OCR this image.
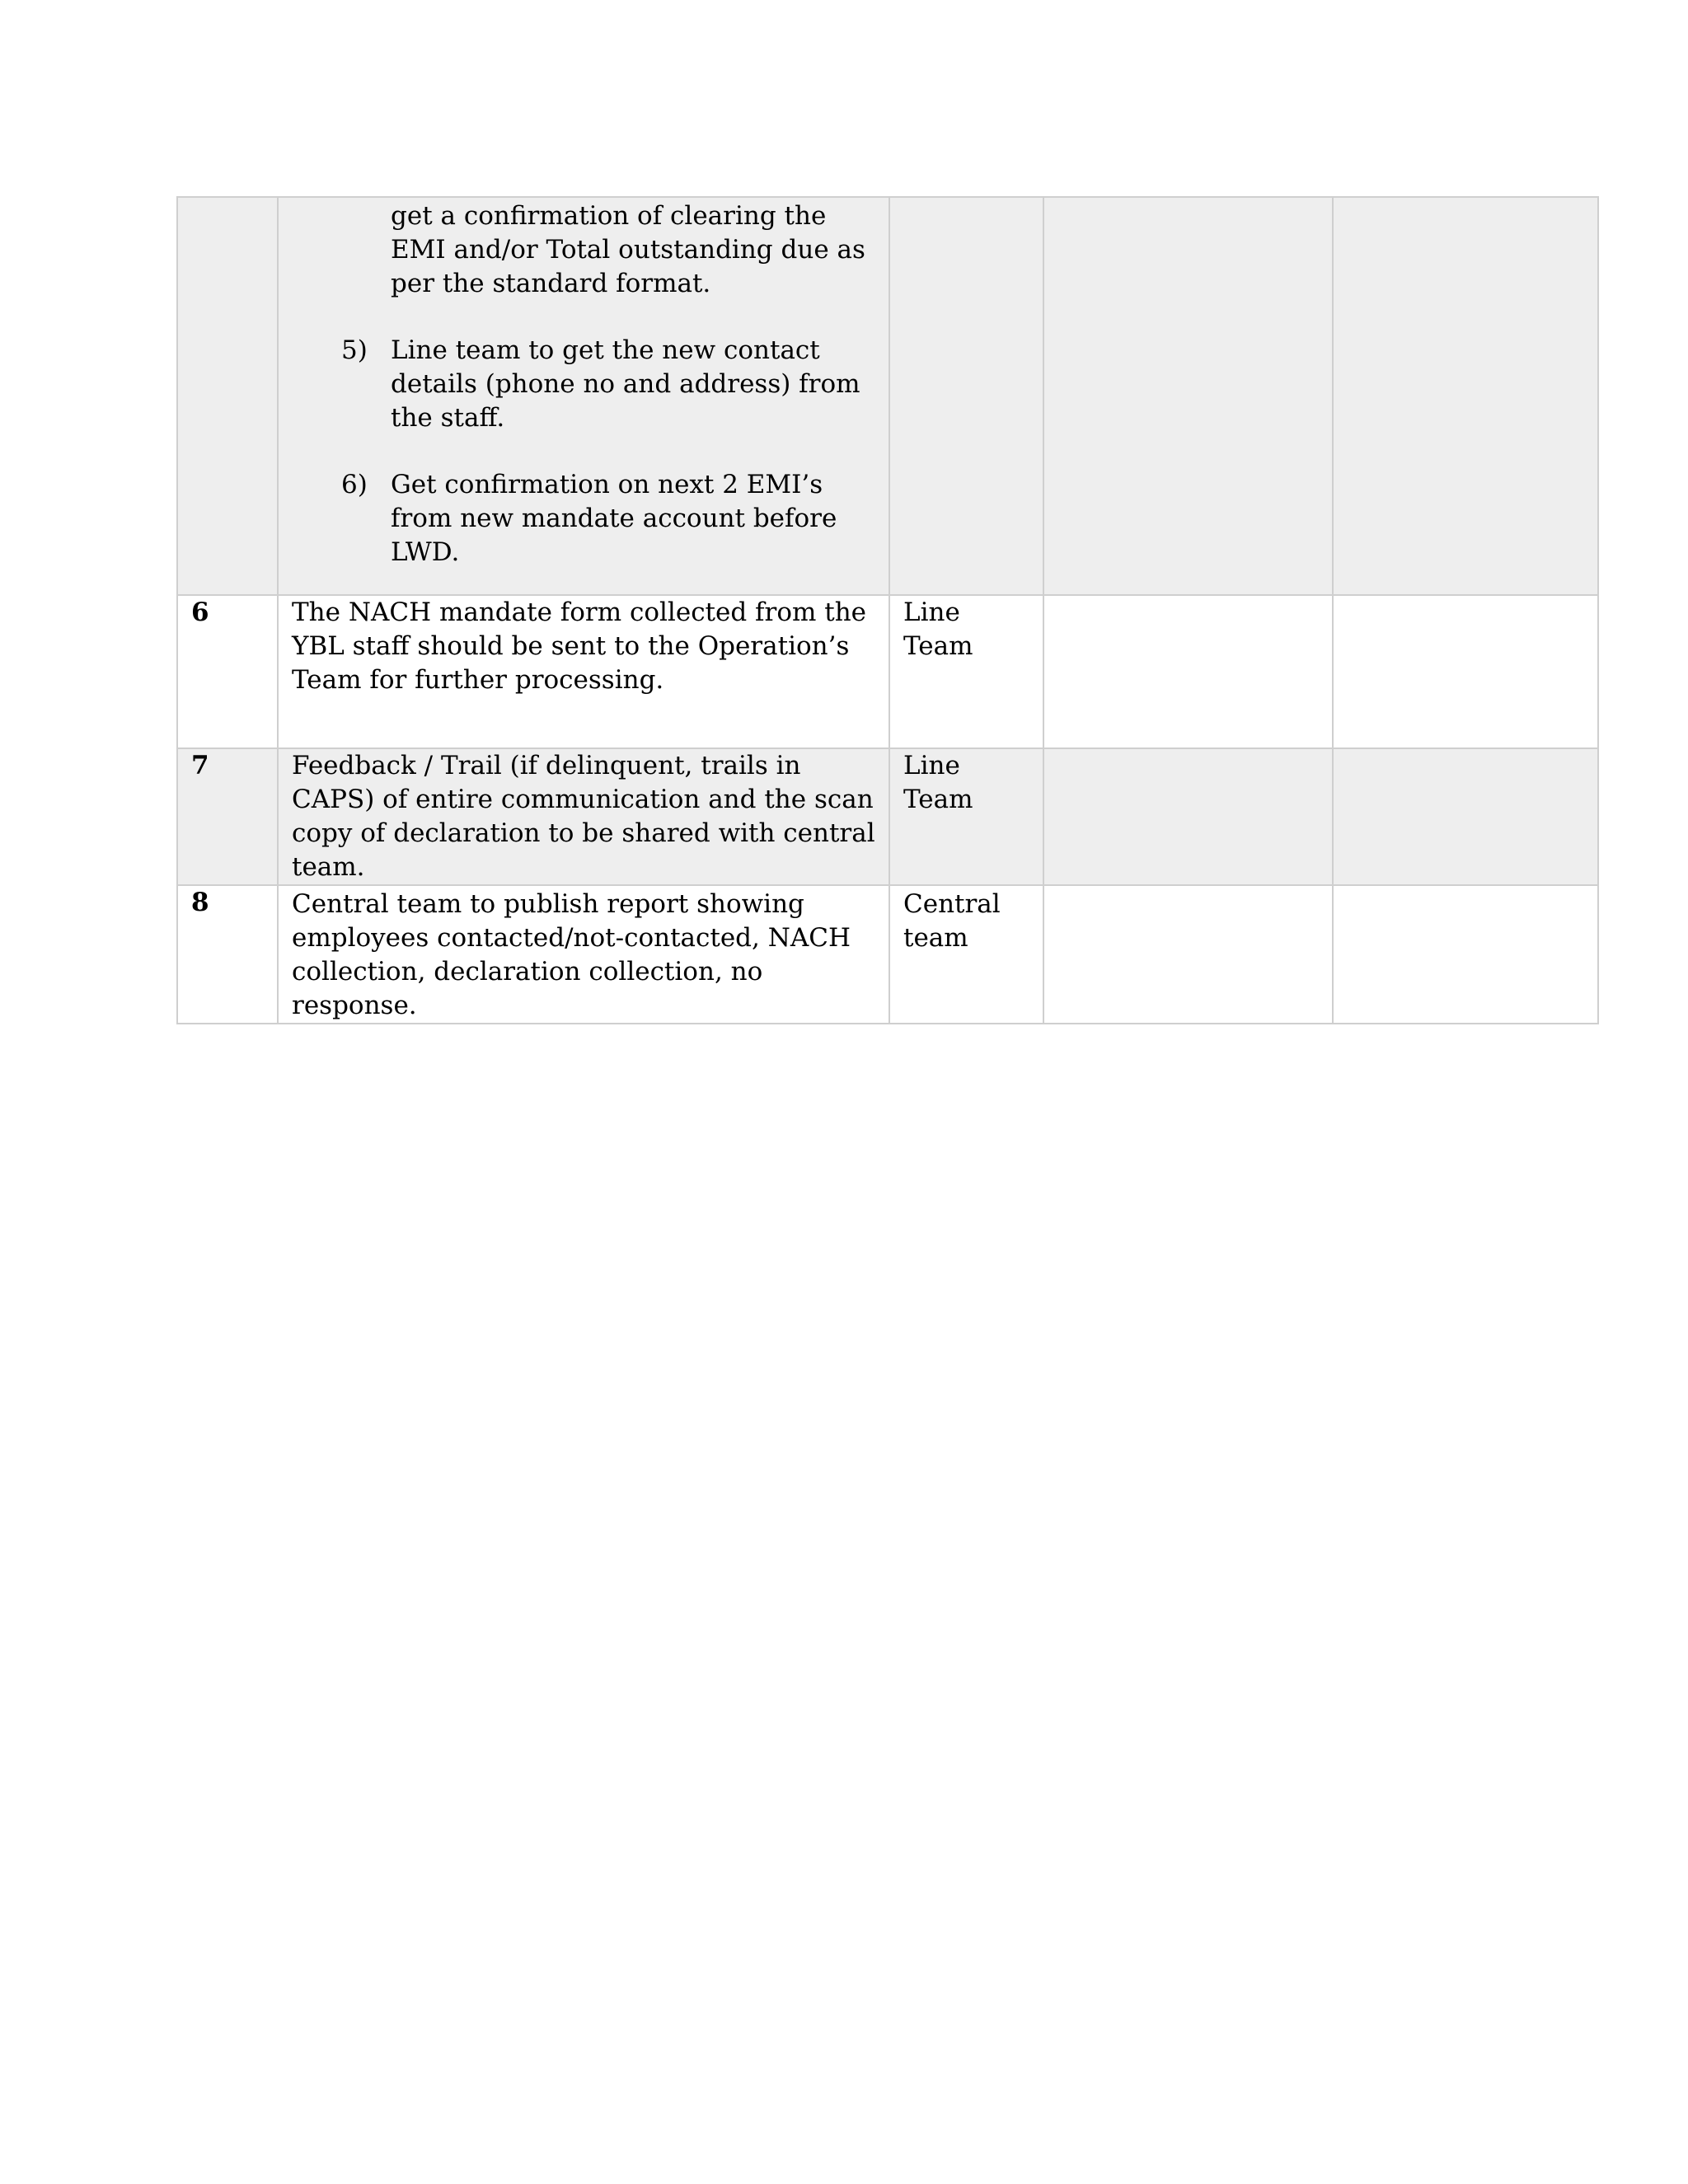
	get a confirmation of clearing the EMI and/or Total outstanding due as per the standard format.

5) Line team to get the new contact details (phone no and address) from the staff.
6) Get confirmation on next 2 EMI’s from new mandate account before LWD.			

6	The NACH mandate form collected from the YBL staff should be sent to the Operation’s Team for further processing.	Line Team		
7	Feedback / Trail (if delinquent, trails in CAPS) of entire communication and the scan copy of declaration to be shared with central team.	Line Team		
8	Central team to publish report showing employees contacted/not-contacted, NACH collection, declaration collection, no response.	Central team		
